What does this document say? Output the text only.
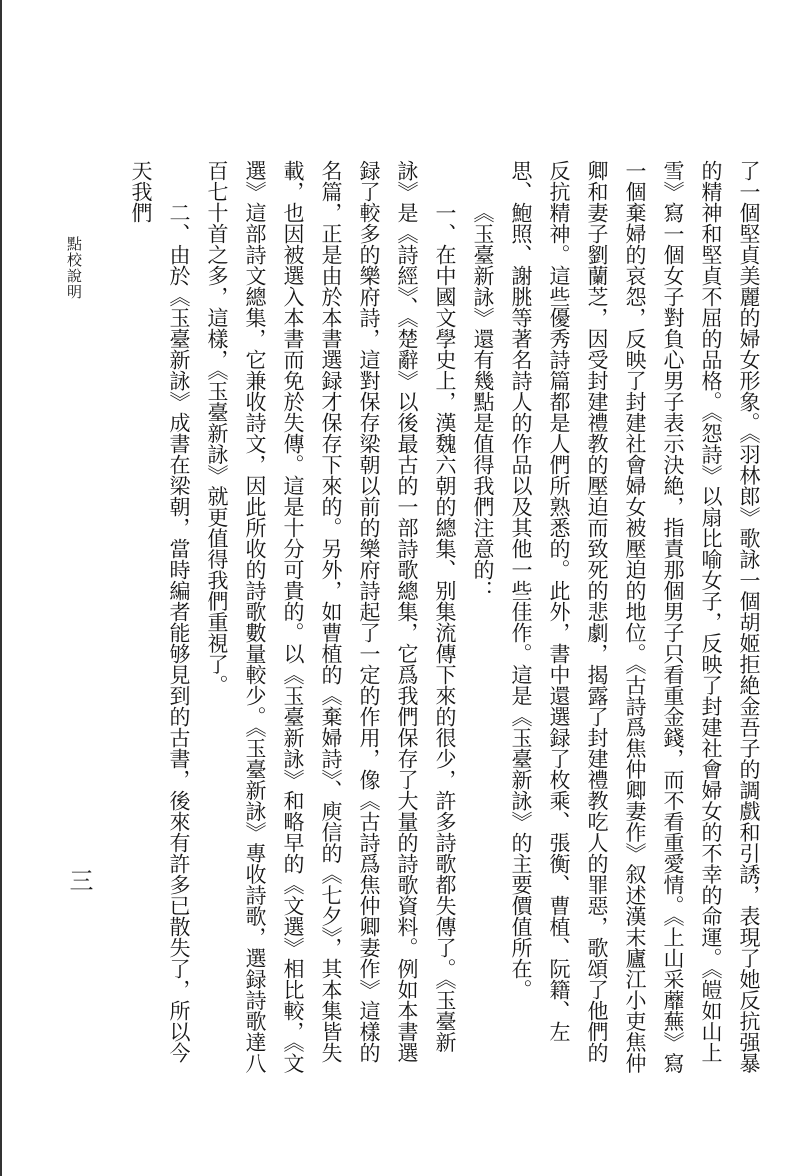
點校說明	了一個堅貞美麗的婦女形象。《羽林郎》歌詠一個胡姬拒絶金吾子的調戲和引誘，表現了她反抗强暴的精神和堅貞不屈的品格。《怨詩》以扇比喻女子，反映了封建社會婦女的不幸的命運。《皚如山上雪》寫一個女子對負心男子表示決絶，指責那個男子只看重金錢，而不看重愛情。《上山采蘼蕪》寫一個棄婦的哀怨，反映了封建社會婦女被壓迫的地位。《古詩爲焦仲卿妻作》叙述漢末廬江小吏焦仲卿和妻子劉蘭芝，因受封建禮教的壓迫而致死的悲劇，揭露了封建禮教吃人的罪惡，歌頌了他們的反抗精神。這些優秀詩篇都是人們所熟悉的。此外，書中還選録了枚乘、張衡、曹植、阮籍、左思、鮑照、謝朓等著名詩人的作品以及其他一些佳作。這是《玉臺新詠》的主要價值所在。

《玉臺新詠》還有幾點是值得我們注意的：

一、在中國文學史上，漢魏六朝的總集、别集流傳下來的很少，許多詩歌都失傳了。《玉臺新詠》是《詩經》、《楚辭》以後最古的一部詩歌總集，它爲我們保存了大量的詩歌資料。例如本書選録了較多的樂府詩，這對保存梁朝以前的樂府詩起了一定的作用，像《古詩爲焦仲卿妻作》這樣的名篇，正是由於本書選録才保存下來的。另外，如曹植的《棄婦詩》、庾信的《七夕》，其本集皆失載，也因被選入本書而免於失傳。這是十分可貴的。以《玉臺新詠》和略早的《文選》相比較，《文選》這部詩文總集，它兼收詩文，因此所收的詩歌數量較少。《玉臺新詠》專收詩歌，選録詩歌達八百七十首之多，這樣，《玉臺新詠》就更值得我們重視了。

二、由於《玉臺新詠》成書在梁朝，當時編者能够見到的古書，後來有許多已散失了，所以今天我們

三
